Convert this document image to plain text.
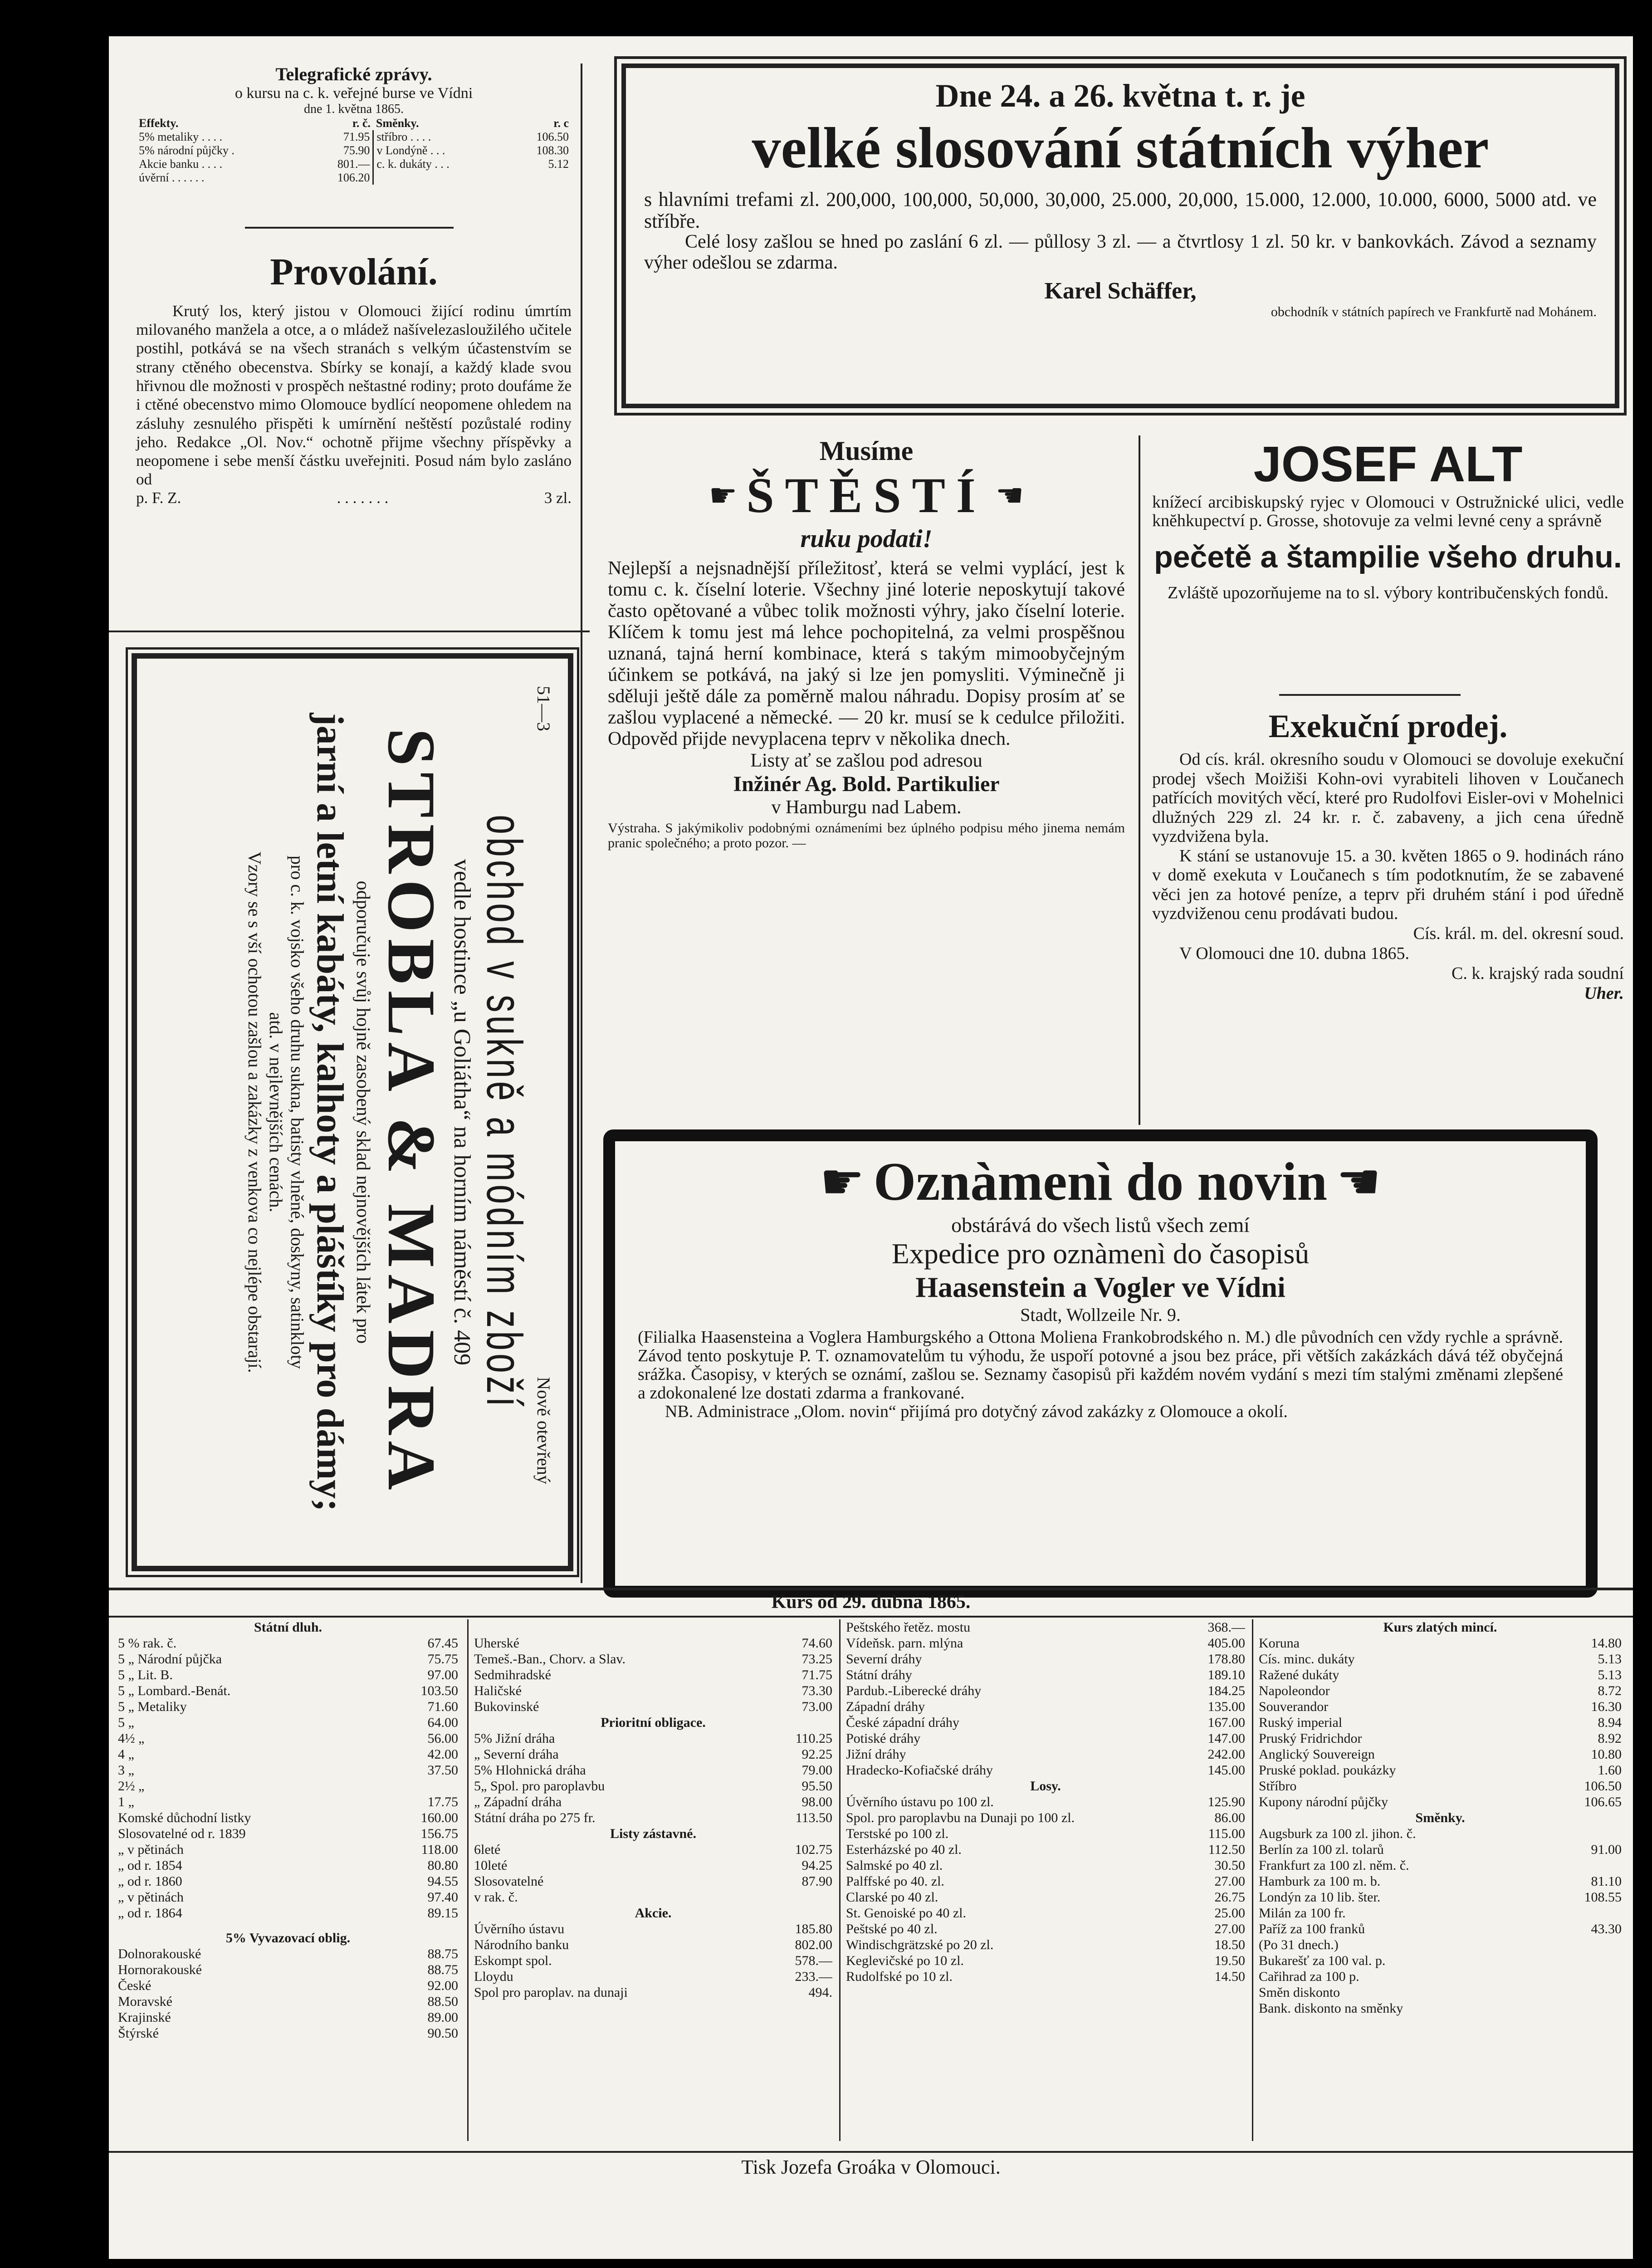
Telegrafické zprávy.
o kursu na c. k. veřejné burse ve Vídni
dne 1. května 1865.
Effekty.	r. č.	Směnky.	r. c
5% metaliky . . . .	71.95	stříbro . . . .	106.50
5% národní půjčky .	75.90	v Londýně . . .	108.30
Akcie banku . . . .	801.—	c. k. dukáty . . .	5.12
úvěrní . . . . . .	106.20		
Provolání.

Krutý los, který jistou v Olomouci žijící rodinu úmrtím milovaného manžela a otce, a o mládež našívelezasloužilého učitele postihl, potkává se na všech stranách s velkým účastenstvím se strany ctěného obecenstva. Sbírky se konají, a každý klade svou hřivnou dle možnosti v prospěch neštastné rodiny; proto doufáme že i ctěné obecenstvo mimo Olomouce bydlící neopomene ohledem na zásluhy zesnulého přispěti k umírnění neštěstí pozůstalé rodiny jeho. Redakce „Ol. Nov.“ ochotně přijme všechny příspěvky a neopomene i sebe menší částku uveřejniti. Posud nám bylo zasláno od

p. F. Z.	. . . . . . .	3 zl.
51—3
Nově otevřený
obchod v sukně a módním zboží
vedle hostince „u Goliátha“ na horním náměstí č. 409
STROBLA & MADRA
odporučuje svůj hojně zasobený sklad nejnovějších látek pro
jarní a letní kabáty, kalhoty a pláštíky pro dámy;
pro c. k. vojsko všeho druhu sukna, batisty vlněné, doskyny, satinkloty
atd. v nejlevnějších cenách.
Vzory se s vší ochotou zašlou a zakázky z venkova co nejlépe obstarají.
Dne 24. a 26. května t. r. je
velké slosování státních výher

s hlavními trefami zl. 200,000, 100,000, 50,000, 30,000, 25.000, 20,000, 15.000, 12.000, 10.000, 6000, 5000 atd. ve stříbře.

Celé losy zašlou se hned po zaslání 6 zl. — půllosy 3 zl. — a čtvrtlosy 1 zl. 50 kr. v bankovkách. Závod a seznamy výher odešlou se zdarma.

Karel Schäffer,
obchodník v státních papírech ve Frankfurtě nad Mohánem.
Musíme
☛ ŠTĚSTÍ ☚
ruku podati!

Nejlepší a nejsnadnější příležitosť, která se velmi vyplácí, jest k tomu c. k. číselní loterie. Všechny jiné loterie neposkytují takové často opětované a vůbec tolik možnosti výhry, jako číselní loterie. Klíčem k tomu jest má lehce pochopitelná, za velmi prospěšnou uznaná, tajná herní kombinace, která s takým mimoobyčejným účinkem se potkává, na jaký si lze jen pomysliti. Výminečně ji sděluji ještě dále za poměrně malou náhradu. Dopisy prosím ať se zašlou vyplacené a německé. — 20 kr. musí se k cedulce přiložiti. Odpověd přijde nevyplacena teprv v několika dnech.

Listy ať se zašlou pod adresou
Inžinér Ag. Bold. Partikulier
v Hamburgu nad Labem.

Výstraha. S jakýmikoliv podobnými oznámeními bez úplného podpisu mého jinema nemám pranic společného; a proto pozor. —

JOSEF ALT

knížecí arcibiskupský ryjec v Olomouci v Ostružnické ulici, vedle knĕhkupectví p. Grosse, shotovuje za velmi levné ceny a správně

pečetě a štampilie všeho druhu.

Zvláště upozorňujeme na to sl. výbory kontribučenských fondů.

Exekuční prodej.

Od cís. král. okresního soudu v Olomouci se dovoluje exekuční prodej všech Moižiši Kohn-ovi vyrabiteli lihoven v Loučanech patřících movitých věcí, které pro Rudolfovi Eisler-ovi v Mohelnici dlužných 229 zl. 24 kr. r. č. zabaveny, a jich cena úředně vyzdvižena byla.

K stání se ustanovuje 15. a 30. květen 1865 o 9. hodinách ráno v domě exekuta v Loučanech s tím podotknutím, že se zabavené věci jen za hotové peníze, a teprv při druhém stání i pod úředně vyzdviženou cenu prodávati budou.

Cís. král. m. del. okresní soud.
V Olomouci dne 10. dubna 1865.
C. k. krajský rada soudní
Uher.
☛ Oznàmenì do novin ☚
obstárává do všech listů všech zemí
Expedice pro oznàmenì do časopisů
Haasenstein a Vogler ve Vídni
Stadt, Wollzeile Nr. 9.

(Filialka Haasensteina a Voglera Hamburgského a Ottona Moliena Frankobrodského n. M.) dle původních cen vždy rychle a správně. Závod tento poskytuje P. T. oznamovatelům tu výhodu, že uspoří potovné a jsou bez práce, při větších zakázkách dává též obyčejná srážka. Časopisy, v kterých se oznámí, zašlou se. Seznamy časopisů při každém novém vydání s mezi tím stalými změnami zlepšené a zdokonalené lze dostati zdarma a frankované.

NB. Administrace „Olom. novin“ přijímá pro dotyčný závod zakázky z Olomouce a okolí.

Kurs od 29. dubna 1865.
Státní dluh.
5 % rak. č.	67.45
5 „ Národní půjčka	75.75
5 „ Lit. B.	97.00
5 „ Lombard.-Benát.	103.50
5 „ Metaliky	71.60
5 „	64.00
4½ „	56.00
4 „	42.00
3 „	37.50
2½ „
1 „	17.75
Komské důchodní listky	160.00
Slosovatelné od r. 1839	156.75
„ v pětinách	118.00
„ od r. 1854	80.80
„ od r. 1860	94.55
„ v pětinách	97.40
„ od r. 1864	89.15
5% Vyvazovací oblig.
Dolnorakouské	88.75
Hornorakouské	88.75
České	92.00
Moravské	88.50
Krajinské	89.00
Štýrské	90.50
Uherské	74.60
Temeš.-Ban., Chorv. a Slav.	73.25
Sedmihradské	71.75
Haličské	73.30
Bukovinské	73.00
Prioritní obligace.
5% Jižní dráha	110.25
„ Severní dráha	92.25
5% Hlohnická dráha	79.00
5„ Spol. pro paroplavbu	95.50
„ Západní dráha	98.00
Státní dráha po 275 fr.	113.50
Listy zástavné.
6leté	102.75
10leté	94.25
Slosovatelné	87.90
v rak. č.
Akcie.
Úvěrního ústavu	185.80
Národního banku	802.00
Eskompt spol.	578.—
Lloydu	233.—
Spol pro paroplav. na dunaji	494.
Peštského řetěz. mostu	368.—
Vídeňsk. parn. mlýna	405.00
Severní dráhy	178.80
Státní dráhy	189.10
Pardub.-Liberecké dráhy	184.25
Západní dráhy	135.00
České západní dráhy	167.00
Potiské dráhy	147.00
Jižní dráhy	242.00
Hradecko-Kofiačské dráhy	145.00
Losy.
Úvěrního ústavu po 100 zl.	125.90
Spol. pro paroplavbu na Dunaji po 100 zl.	86.00
Terstské po 100 zl.	115.00
Esterházské po 40 zl.	112.50
Salmské po 40 zl.	30.50
Palffské po 40. zl.	27.00
Clarské po 40 zl.	26.75
St. Genoiské po 40 zl.	25.00
Peštské po 40 zl.	27.00
Windischgrätzské po 20 zl.	18.50
Keglevičské po 10 zl.	19.50
Rudolfské po 10 zl.	14.50
Kurs zlatých mincí.
Koruna	14.80
Cís. minc. dukáty	5.13
Ražené dukáty	5.13
Napoleondor	8.72
Souverandor	16.30
Ruský imperial	8.94
Pruský Fridrichdor	8.92
Anglický Souvereign	10.80
Pruské poklad. poukázky	1.60
Stříbro	106.50
Kupony národní půjčky	106.65
Směnky.
Augsburk za 100 zl. jihon. č.
Berlín za 100 zl. tolarů	91.00
Frankfurt za 100 zl. něm. č.
Hamburk za 100 m. b.	81.10
Londýn za 10 lib. šter.	108.55
Milán za 100 fr.
Paříž za 100 franků	43.30
(Po 31 dnech.)
Bukarešť za 100 val. p.
Cařihrad za 100 p.
Směn diskonto
Bank. diskonto na směnky
Tisk Jozefa Groáka v Olomouci.
